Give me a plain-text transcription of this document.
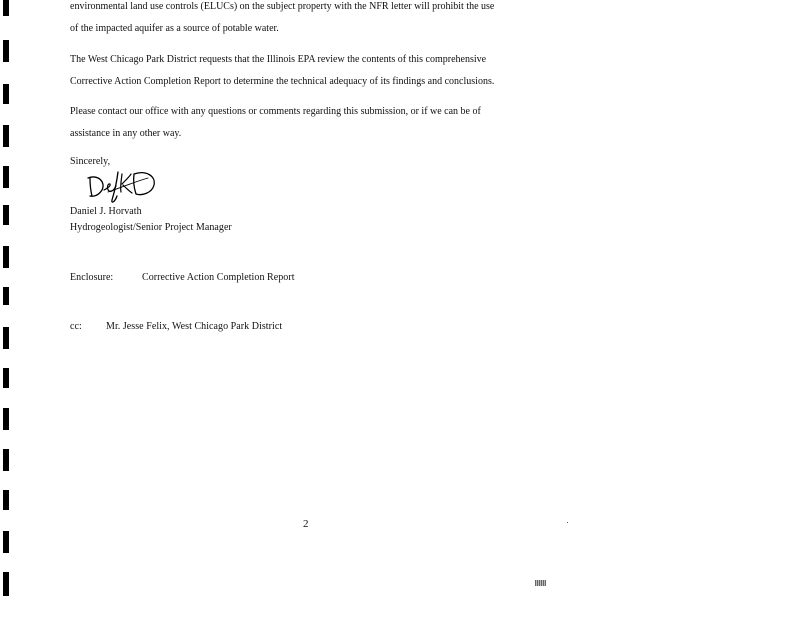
environmental land use controls (ELUCs) on the subject property with the NFR letter will prohibit the use
of the impacted aquifer as a source of potable water.
The West Chicago Park District requests that the Illinois EPA review the contents of this comprehensive
Corrective Action Completion Report to determine the technical adequacy of its findings and conclusions.
Please contact our office with any questions or comments regarding this submission, or if we can be of
assistance in any other way.
Sincerely,
Daniel J. Horvath
Hydrogeologist/Senior Project Manager
Enclosure:	Corrective Action Completion Report
cc: Mr. Jesse Felix, West Chicago Park District
2
